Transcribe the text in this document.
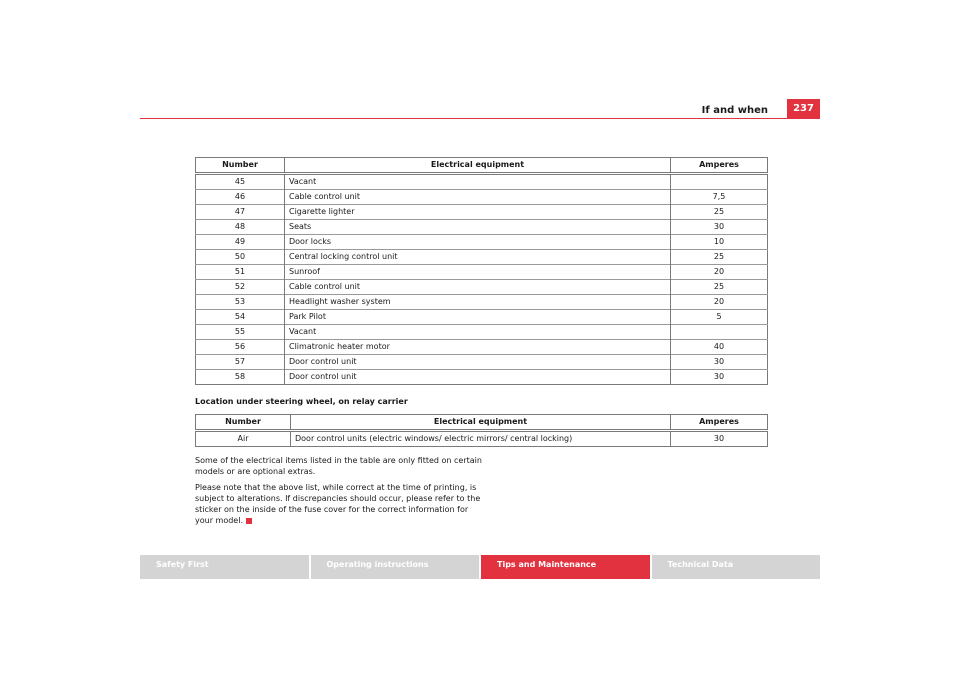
If and when	237
Number	Electrical equipment	Amperes
45	Vacant	
46	Cable control unit	7,5
47	Cigarette lighter	25
48	Seats	30
49	Door locks	10
50	Central locking control unit	25
51	Sunroof	20
52	Cable control unit	25
53	Headlight washer system	20
54	Park Pilot	5
55	Vacant	
56	Climatronic heater motor	40
57	Door control unit	30
58	Door control unit	30
Location under steering wheel, on relay carrier
Number	Electrical equipment	Amperes
Air	Door control units (electric windows/ electric mirrors/ central locking)	30

Some of the electrical items listed in the table are only fitted on certain models or are optional extras.

Please note that the above list, while correct at the time of printing, is subject to alterations. If discrepancies should occur, please refer to the sticker on the inside of the fuse cover for the correct information for your model.

Safety First	Operating instructions	Tips and Maintenance	Technical Data
